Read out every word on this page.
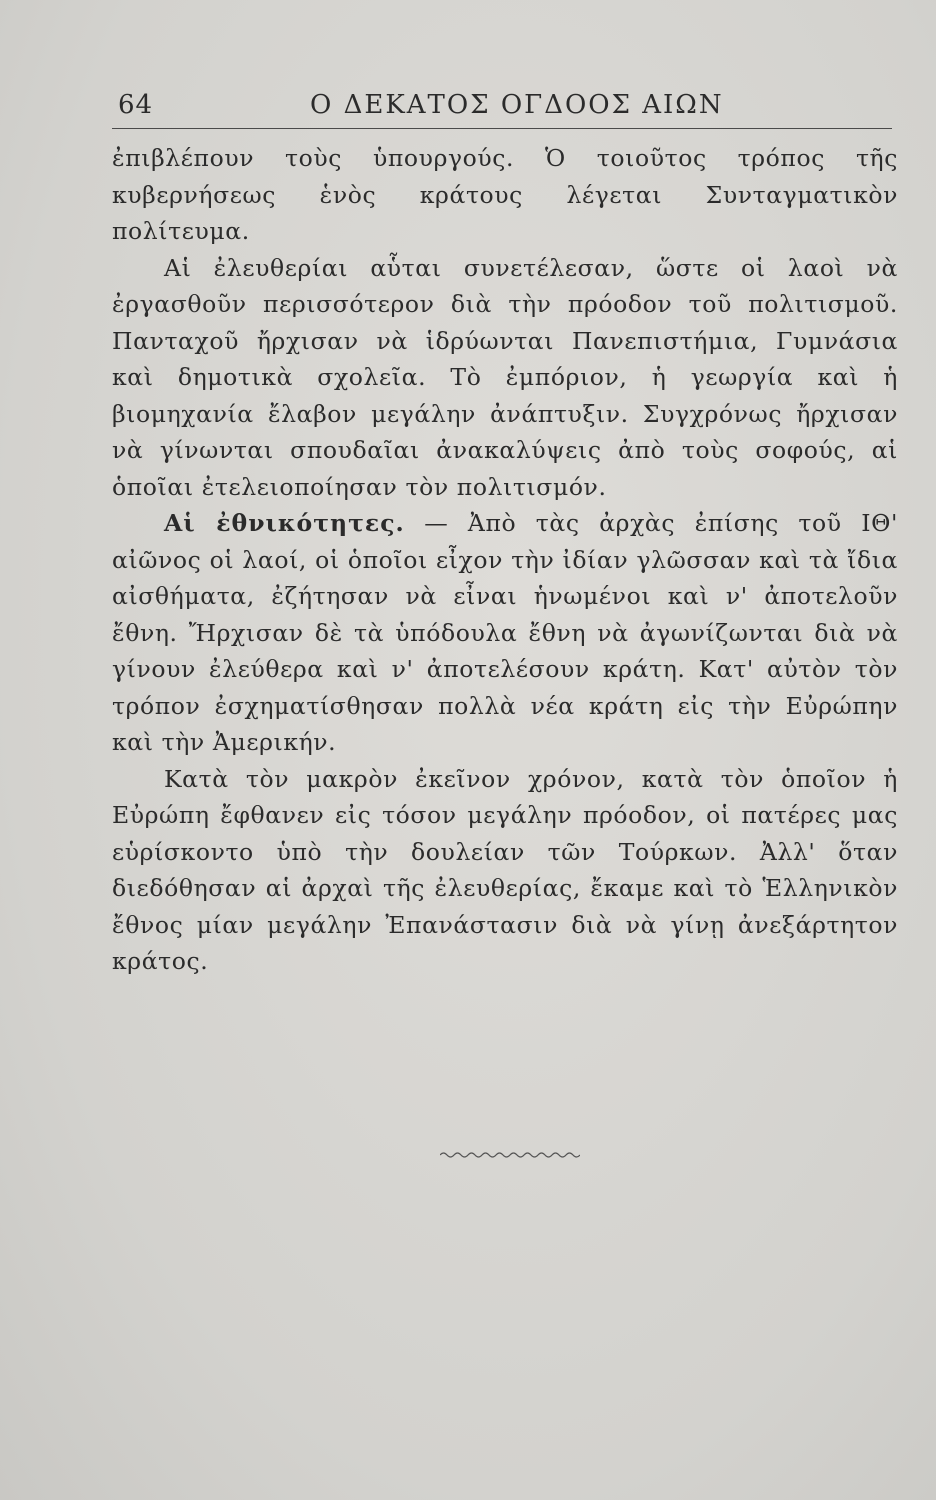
64	Ο ΔΕΚΑΤΟΣ ΟΓΔΟΟΣ ΑΙΩΝ

ἐπιβλέπουν τοὺς ὑπουργούς. Ὁ τοιοῦτος τρόπος τῆς κυβερνήσεως ἑνὸς κράτους λέγεται Συνταγματικὸν πολίτευμα.

Αἱ ἐλευθερίαι αὗται συνετέλεσαν, ὥστε οἱ λαοὶ νὰ ἐργασθοῦν περισσότερον διὰ τὴν πρόοδον τοῦ πολιτισμοῦ. Πανταχοῦ ἤρχισαν νὰ ἱδρύωνται Πανεπιστήμια, Γυμνάσια καὶ δημοτικὰ σχολεῖα. Τὸ ἐμπόριον, ἡ γεωργία καὶ ἡ βιομηχανία ἔλαβον μεγάλην ἀνάπτυξιν. Συγχρόνως ἤρχισαν νὰ γίνωνται σπουδαῖαι ἀνακαλύψεις ἀπὸ τοὺς σοφούς, αἱ ὁποῖαι ἐτελειοποίησαν τὸν πολιτισμόν.

Αἱ ἐθνικότητες. — Ἀπὸ τὰς ἀρχὰς ἐπίσης τοῦ ΙΘ' αἰῶνος οἱ λαοί, οἱ ὁποῖοι εἶχον τὴν ἰδίαν γλῶσσαν καὶ τὰ ἴδια αἰσθήματα, ἐζήτησαν νὰ εἶναι ἡνωμένοι καὶ ν' ἀποτελοῦν ἔθνη. Ἤρχισαν δὲ τὰ ὑπόδουλα ἔθνη νὰ ἀγωνίζωνται διὰ νὰ γίνουν ἐλεύθερα καὶ ν' ἀποτελέσουν κράτη. Κατ' αὐτὸν τὸν τρόπον ἐσχηματίσθησαν πολλὰ νέα κράτη εἰς τὴν Εὐρώπην καὶ τὴν Ἀμερικήν.

Κατὰ τὸν μακρὸν ἐκεῖνον χρόνον, κατὰ τὸν ὁποῖον ἡ Εὐρώπη ἔφθανεν εἰς τόσον μεγάλην πρόοδον, οἱ πατέρες μας εὑρίσκοντο ὑπὸ τὴν δουλείαν τῶν Τούρκων. Ἀλλ' ὅταν διεδόθησαν αἱ ἀρχαὶ τῆς ἐλευθερίας, ἔκαμε καὶ τὸ Ἑλληνικὸν ἔθνος μίαν μεγάλην Ἐπανάστασιν διὰ νὰ γίνῃ ἀνεξάρτητον κράτος.
